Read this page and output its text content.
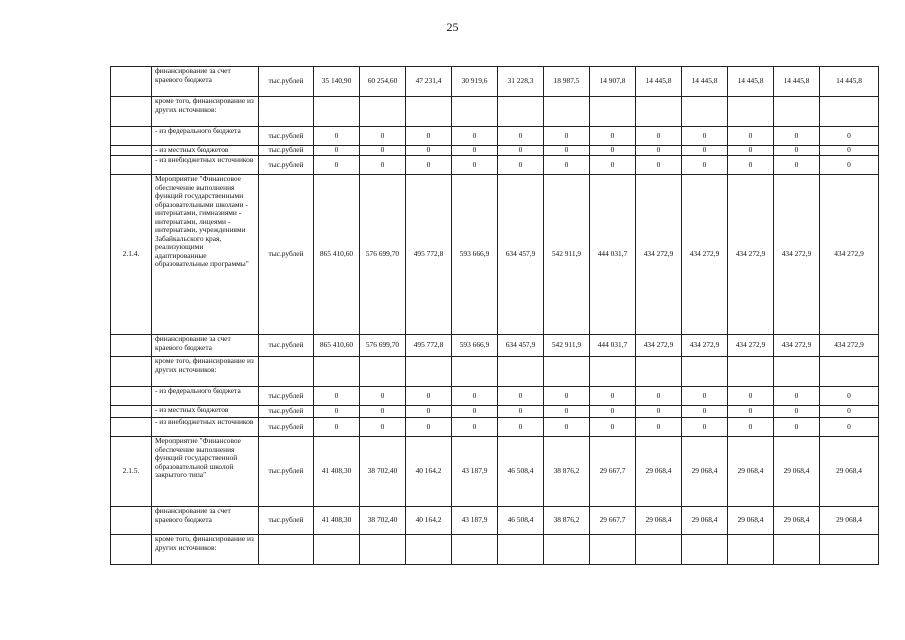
25
	финансирование за счет краевого бюджета	тыс.рублей	35 140,90	60 254,60	47 231,4	30 919,6	31 228,3	18 987,5	14 907,8	14 445,8	14 445,8	14 445,8	14 445,8	14 445,8
	кроме того, финансирование из других источников:													
	- из федерального бюджета	тыс.рублей	0	0	0	0	0	0	0	0	0	0	0	0
	- из местных бюджетов	тыс.рублей	0	0	0	0	0	0	0	0	0	0	0	0
	- из внебюджетных источников	тыс.рублей	0	0	0	0	0	0	0	0	0	0	0	0
2.1.4.	Мероприятие "Финансовое обеспечение выполнения функций государственными образовательными школами - интернатами, гимназиями - интернатами, лицеями - интернатами, учреждениями Забайкальского края, реализующими адаптированные образовательные программы"	тыс.рублей	865 410,60	576 699,70	495 772,8	593 666,9	634 457,9	542 911,9	444 031,7	434 272,9	434 272,9	434 272,9	434 272,9	434 272,9
	финансирование за счет краевого бюджета	тыс.рублей	865 410,60	576 699,70	495 772,8	593 666,9	634 457,9	542 911,9	444 031,7	434 272,9	434 272,9	434 272,9	434 272,9	434 272,9
	кроме того, финансирование из других источников:													
	- из федерального бюджета	тыс.рублей	0	0	0	0	0	0	0	0	0	0	0	0
	- из местных бюджетов	тыс.рублей	0	0	0	0	0	0	0	0	0	0	0	0
	- из внебюджетных источников	тыс.рублей	0	0	0	0	0	0	0	0	0	0	0	0
2.1.5.	Мероприятие "Финансовое обеспечение выполнения функций государственной образовательной школой закрытого типа"	тыс.рублей	41 408,30	38 702,40	40 164,2	43 187,9	46 508,4	38 876,2	29 667,7	29 068,4	29 068,4	29 068,4	29 068,4	29 068,4
	финансирование за счет краевого бюджета	тыс.рублей	41 408,30	38 702,40	40 164,2	43 187,9	46 508,4	38 876,2	29 667,7	29 068,4	29 068,4	29 068,4	29 068,4	29 068,4
	кроме того, финансирование из других источников:													
